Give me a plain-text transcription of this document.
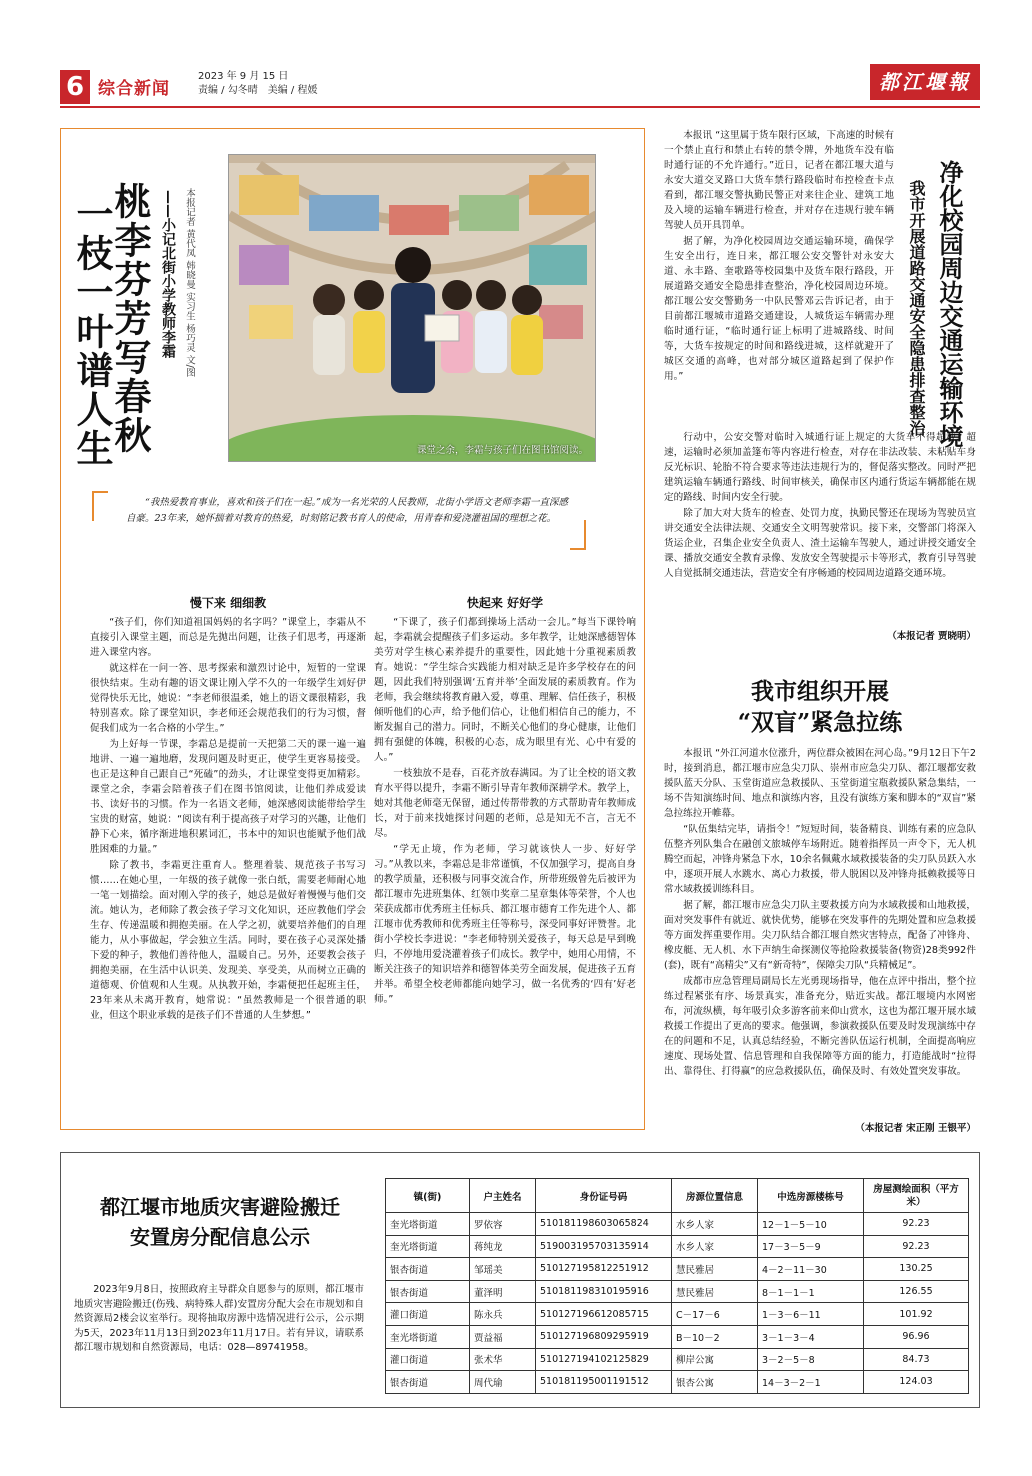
6 综合新闻
2023 年 9 月 15 日
责编 / 勾冬晴　美编 / 程媛	都江堰報
桃李芬芳写春秋
一枝一叶谱人生	——小记北街小学教师李霜 本报记者 黄代凤 韩晓曼 实习生 杨巧灵 文/图
课堂之余，李霜与孩子们在图书馆阅读。
“我热爱教育事业，喜欢和孩子们在一起。”成为一名光荣的人民教师，北街小学语文老师李霜一直深感自豪。23年来，她怀揣着对教育的热爱，时刻铭记教书育人的使命，用青春和爱浇灌祖国的理想之花。
慢下来 细细教

“孩子们，你们知道祖国妈妈的名字吗？”课堂上，李霜从不直接引入课堂主题，而总是先抛出问题，让孩子们思考，再逐渐进入课堂内容。

就这样在一问一答、思考探索和激烈讨论中，短暂的一堂课很快结束。生动有趣的语文课让刚入学不久的一年级学生刘好伊觉得快乐无比，她说：“李老师很温柔，她上的语文课很精彩，我特别喜欢。除了课堂知识，李老师还会规范我们的行为习惯，督促我们成为一名合格的小学生。”

为上好每一节课，李霜总是提前一天把第二天的课一遍一遍地讲、一遍一遍地磨，发现问题及时更正，使学生更容易接受。也正是这种自己跟自己“死磕”的劲头，才让课堂变得更加精彩。课堂之余，李霜会陪着孩子们在图书馆阅读，让他们养成爱读书、读好书的习惯。作为一名语文老师，她深感阅读能带给学生宝贵的财富，她说：“阅读有利于提高孩子对学习的兴趣，让他们静下心来，循序渐进地积累词汇，书本中的知识也能赋予他们战胜困难的力量。”

除了教书，李霜更注重育人。整理着装、规范孩子书写习惯……在她心里，一年级的孩子就像一张白纸，需要老师耐心地一笔一划描绘。面对刚入学的孩子，她总是做好着慢慢与他们交流。她认为，老师除了教会孩子学习文化知识，还应教他们学会生存、传递温暖和拥抱美丽。在人学之初，就要培养他们的自理能力，从小事做起，学会独立生活。同时，要在孩子心灵深处播下爱的种子，教他们善待他人，温暖自己。另外，还要教会孩子拥抱美丽，在生活中认识美、发现美、享受美，从而树立正确的道德观、价值观和人生观。从执教开始，李霜便把任起班主任，23年来从未离开教育，她常说：“虽然教师是一个很普通的职业，但这个职业承载的是孩子们不普通的人生梦想。”

快起来 好好学

“下课了，孩子们都到操场上活动一会儿。”每当下课铃响起，李霜就会提醒孩子们多运动。多年教学，让她深感德智体美劳对学生核心素养提升的重要性，因此她十分重视素质教育。她说：“学生综合实践能力相对缺乏是许多学校存在的问题，因此我们特别强调‘五育并举’全面发展的素质教育。作为老师，我会继续将教育融入爱，尊重、理解、信任孩子，积极倾听他们的心声，给予他们信心，让他们相信自己的能力，不断发掘自己的潜力。同时，不断关心他们的身心健康，让他们拥有强健的体魄，积极的心态，成为眼里有光、心中有爱的人。”

一枝独放不是春，百花齐放春满园。为了让全校的语文教育水平得以提升，李霜不断引导青年教师深耕学术。教学上，她对其他老师毫无保留，通过传帮带教的方式帮助青年教师成长，对于前来找她探讨问题的老师，总是知无不言，言无不尽。

“学无止境，作为老师，学习就该快人一步、好好学习。”从教以来，李霜总是非常谨慎，不仅加强学习，提高自身的教学质量，还积极与同事交流合作，所带班级曾先后被评为都江堰市先进班集体、红领巾奖章二星章集体等荣誉，个人也荣获成都市优秀班主任标兵、都江堰市德育工作先进个人、都江堰市优秀教师和优秀班主任等称号，深受同事好评赞誉。北街小学校长李进说：“李老师特别关爱孩子，每天总是早到晚归，不停地用爱浇灌着孩子们成长。教学中，她用心用情，不断关注孩子的知识培养和德智体美劳全面发展，促进孩子五育并举。希望全校老师都能向她学习，做一名优秀的‘四有’好老师。”

净化校园周边交通运输环境
我市开展道路交通安全隐患排查整治

本报讯 “这里属于货车限行区域，下高速的时候有一个禁止直行和禁止右转的禁令牌，外地货车没有临时通行证的不允许通行。”近日，记者在都江堰大道与永安大道交叉路口大货车禁行路段临时布控检查卡点看到，都江堰交警执勤民警正对来往企业、建筑工地及入境的运输车辆进行检查，并对存在违规行驶车辆驾驶人员开具罚单。

据了解，为净化校园周边交通运输环境，确保学生安全出行，连日来，都江堰公安交警针对永安大道、永丰路、奎歌路等校园集中及货车限行路段，开展道路交通安全隐患排查整治，净化校园周边环境。都江堰公安交警勤务一中队民警邓云告诉记者，由于目前都江堰城市道路交通建设，人城货运车辆需办理临时通行证，“临时通行证上标明了进城路线、时间等，大货车按规定的时间和路线进城，这样就避开了城区交通的高峰，也对部分城区道路起到了保护作用。”

行动中，公安交警对临时入城通行证上规定的大货车不得超载、超速，运输时必须加盖篷布等内容进行检查，对存在非法改装、未粘贴车身反光标识、轮胎不符合要求等违法违规行为的，督促落实整改。同时严把建筑运输车辆通行路线、时间审核关，确保市区内通行货运车辆都能在规定的路线、时间内安全行驶。

除了加大对大货车的检查、处罚力度，执勤民警还在现场为驾驶员宣讲交通安全法律法规、交通安全文明驾驶常识。接下来，交警部门将深入货运企业，召集企业安全负责人、渣土运输车驾驶人，通过讲授交通安全课、播放交通安全教育录像、发放安全驾驶提示卡等形式，教育引导驾驶人自觉抵制交通违法，营造安全有序畅通的校园周边道路交通环境。

（本报记者 贾晓明）
我市组织开展
“双盲”紧急拉练

本报讯 “外江河道水位涨升，两位群众被困在河心岛。”9月12日下午2时，接到消息，都江堰市应急尖刀队、崇州市应急尖刀队、都江堰都安救援队蓝天分队、玉堂街道应急救援队、玉堂街道宝瓶救援队紧急集结，一场不告知演练时间、地点和演练内容，且没有演练方案和脚本的“双盲”紧急拉练拉开帷幕。

“队伍集结完毕，请指令！”短短时间，装备精良、训练有素的应急队伍整齐列队集合在融创文旅城停车场附近。随着指挥员一声令下，无人机腾空而起，冲锋舟紧急下水，10余名佩戴水域救援装备的尖刀队员跃入水中，逐项开展人水跳水、离心力救援，带人脱困以及冲锋舟抵赖救援等日常水域救援训练科目。

据了解，都江堰市应急尖刀队主要救援方向为水域救援和山地救援，面对突发事件有就近、就快优势，能够在突发事件的先期处置和应急救援等方面发挥重要作用。尖刀队结合都江堰自然灾害特点，配备了冲锋舟、橡皮艇、无人机、水下声纳生命探测仪等抢险救援装备(物资)28类992件(套)，既有“高精尖”又有“新奇特”，保障尖刀队“兵精械足”。

成都市应急管理局副局长左光勇现场指导，他在点评中指出，整个拉练过程紧张有序、场景真实，准备充分，贴近实战。都江堰境内水网密布，河流纵横，每年吸引众多游客前来仰山赏水，这也为都江堰开展水域救援工作提出了更高的要求。他强调，参演救援队伍要及时发现演练中存在的问题和不足，认真总结经验，不断完善队伍运行机制，全面提高响应速度、现场处置、信息管理和自我保障等方面的能力，打造能战时“拉得出、靠得住、打得赢”的应急救援队伍，确保及时、有效处置突发事故。

（本报记者 宋正刚 王银平）
都江堰市地质灾害避险搬迁
安置房分配信息公示
2023年9月8日，按照政府主导群众自愿参与的原则，都江堰市地质灾害避险搬迁(伤残、病特殊人群)安置房分配大会在市规划和自然资源局2楼会议室举行。现将抽取房源中选情况进行公示，公示期为5天，2023年11月13日到2023年11月17日。若有异议，请联系都江堰市规划和自然资源局，电话：028—89741958。
镇(街)	户主姓名	身份证号码	房源位置信息	中选房源楼栋号	房屋测绘面积（平方米）
奎光塔街道	罗依容	510181198603065824	水乡人家	12－1－5－10	92.23
奎光塔街道	蒋纯龙	519003195703135914	水乡人家	17－3－5－9	92.23
银杏街道	邹瑶美	510127195812251912	慧民雅居	4－2－11－30	130.25
银杏街道	董泽明	510181198310195916	慧民雅居	8－1－1－1	126.55
灌口街道	陈永兵	510127196612085715	C－17－6	1－3－6－11	101.92
奎光塔街道	贾益福	510127196809295919	B－10－2	3－1－3－4	96.96
灌口街道	张术华	510127194102125829	柳岸公寓	3－2－5－8	84.73
银杏街道	周代瑜	510181195001191512	银杏公寓	14－3－2－1	124.03
